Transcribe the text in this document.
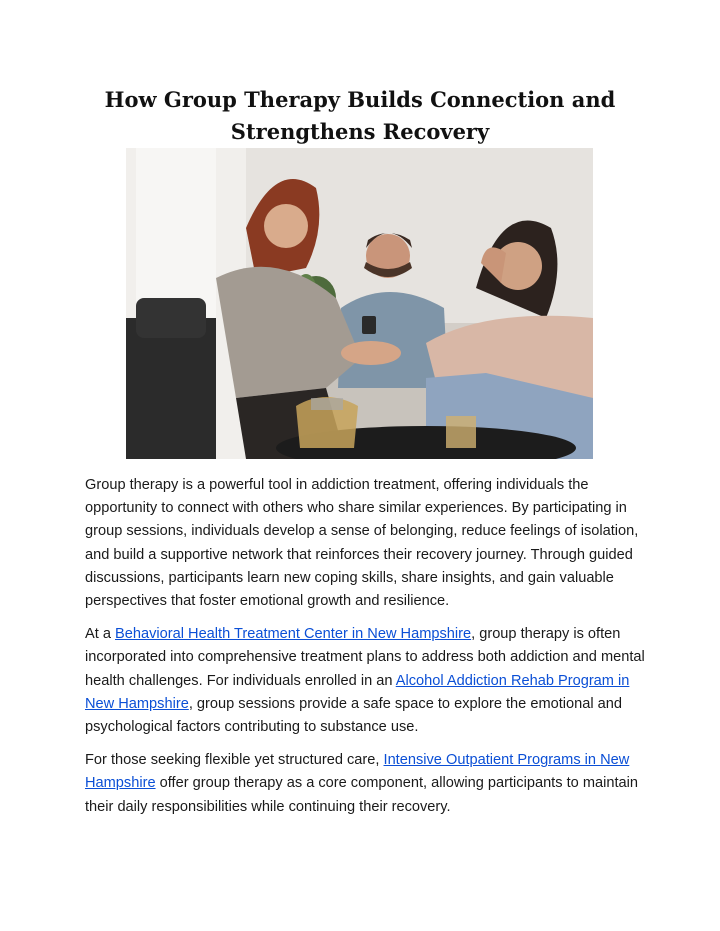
How Group Therapy Builds Connection and Strengthens Recovery

Group therapy is a powerful tool in addiction treatment, offering individuals the opportunity to connect with others who share similar experiences. By participating in group sessions, individuals develop a sense of belonging, reduce feelings of isolation, and build a supportive network that reinforces their recovery journey. Through guided discussions, participants learn new coping skills, share insights, and gain valuable perspectives that foster emotional growth and resilience.

At a Behavioral Health Treatment Center in New Hampshire, group therapy is often incorporated into comprehensive treatment plans to address both addiction and mental health challenges. For individuals enrolled in an Alcohol Addiction Rehab Program in New Hampshire, group sessions provide a safe space to explore the emotional and psychological factors contributing to substance use.

For those seeking flexible yet structured care, Intensive Outpatient Programs in New Hampshire offer group therapy as a core component, allowing participants to maintain their daily responsibilities while continuing their recovery.
